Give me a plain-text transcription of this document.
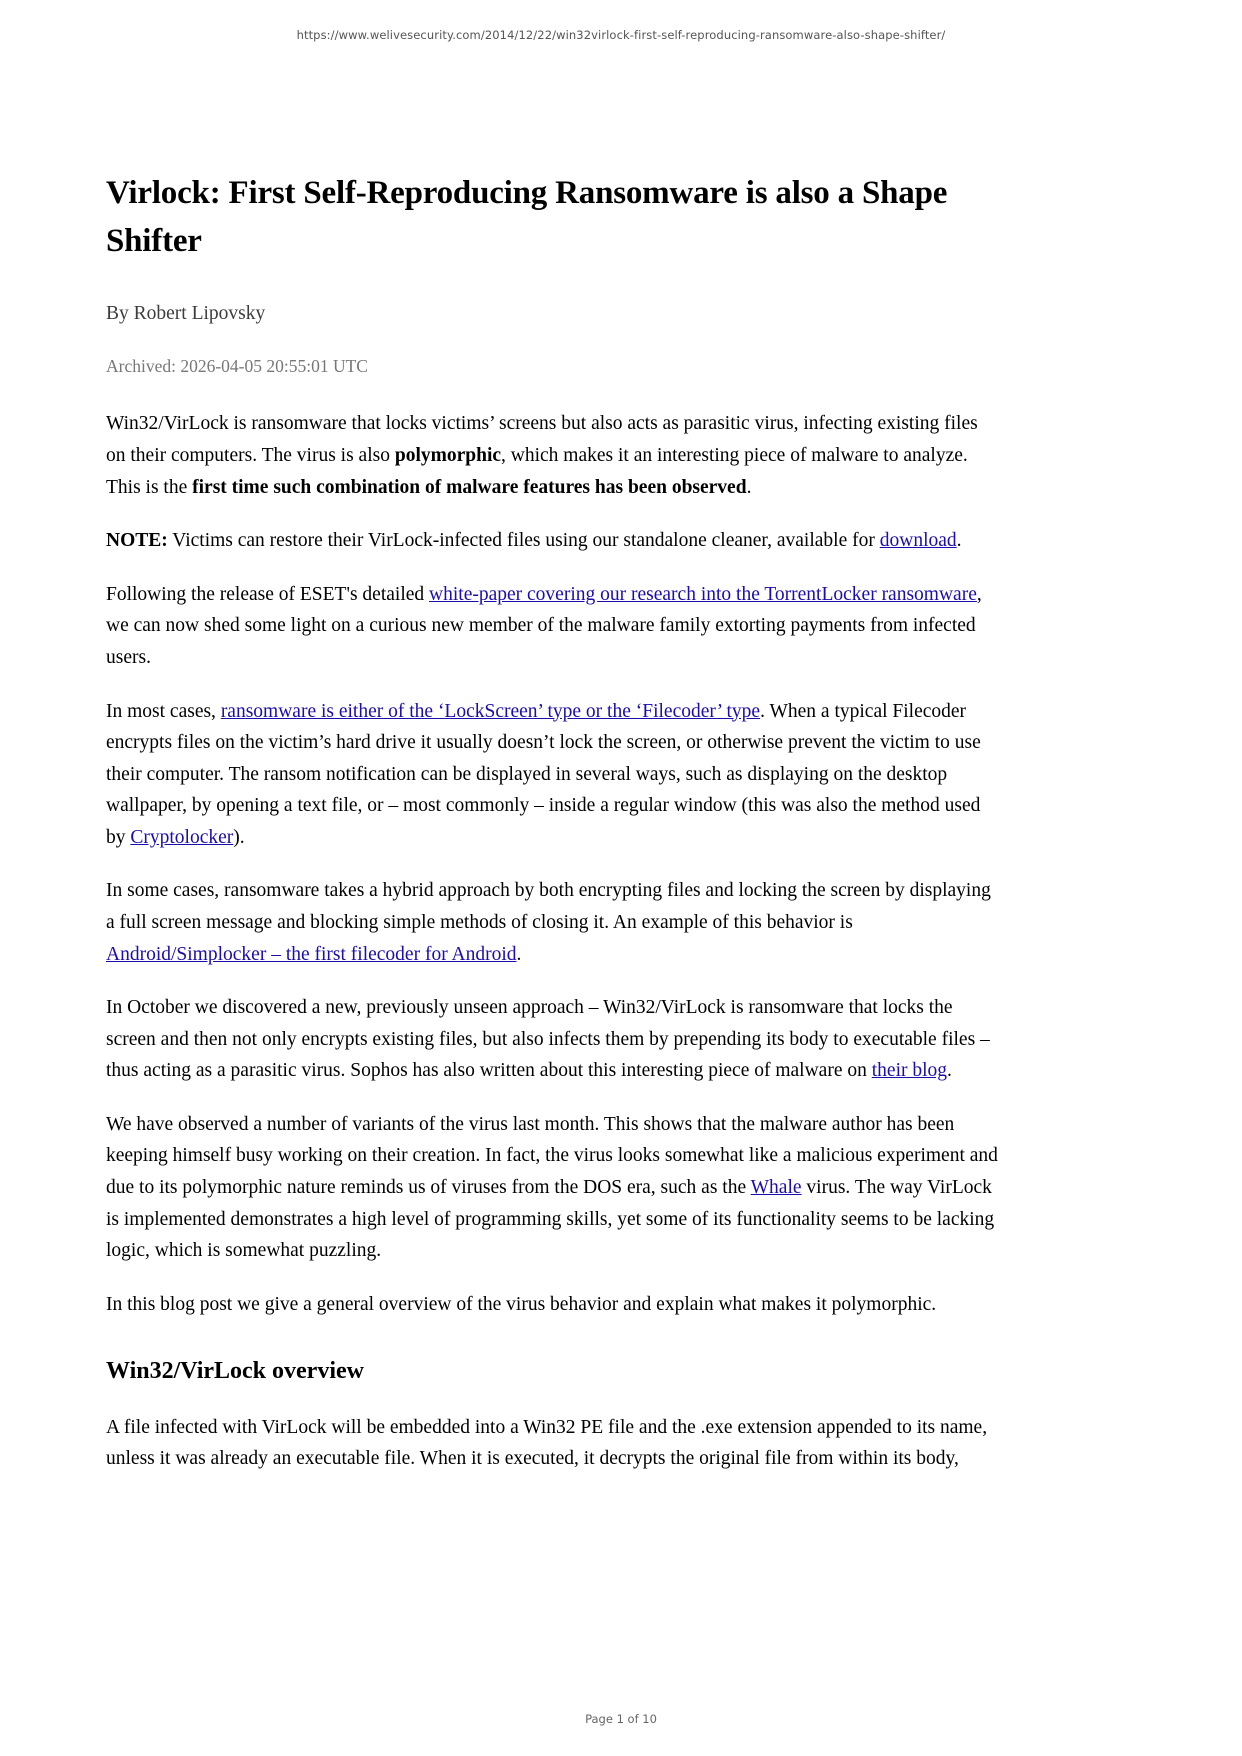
https://www.welivesecurity.com/2014/12/22/win32virlock-first-self-reproducing-ransomware-also-shape-shifter/
Virlock: First Self-Reproducing Ransomware is also a Shape Shifter
By Robert Lipovsky
Archived: 2026-04-05 20:55:01 UTC

Win32/VirLock is ransomware that locks victims’ screens but also acts as parasitic virus, infecting existing files on their computers. The virus is also polymorphic, which makes it an interesting piece of malware to analyze. This is the first time such combination of malware features has been observed.

NOTE: Victims can restore their VirLock-infected files using our standalone cleaner, available for download.

Following the release of ESET's detailed white-paper covering our research into the TorrentLocker ransomware, we can now shed some light on a curious new member of the malware family extorting payments from infected users.

In most cases, ransomware is either of the ‘LockScreen’ type or the ‘Filecoder’ type. When a typical Filecoder encrypts files on the victim’s hard drive it usually doesn’t lock the screen, or otherwise prevent the victim to use their computer. The ransom notification can be displayed in several ways, such as displaying on the desktop wallpaper, by opening a text file, or – most commonly – inside a regular window (this was also the method used by Cryptolocker).

In some cases, ransomware takes a hybrid approach by both encrypting files and locking the screen by displaying a full screen message and blocking simple methods of closing it. An example of this behavior is Android/Simplocker – the first filecoder for Android.

In October we discovered a new, previously unseen approach – Win32/VirLock is ransomware that locks the screen and then not only encrypts existing files, but also infects them by prepending its body to executable files – thus acting as a parasitic virus. Sophos has also written about this interesting piece of malware on their blog.

We have observed a number of variants of the virus last month. This shows that the malware author has been keeping himself busy working on their creation. In fact, the virus looks somewhat like a malicious experiment and due to its polymorphic nature reminds us of viruses from the DOS era, such as the Whale virus. The way VirLock is implemented demonstrates a high level of programming skills, yet some of its functionality seems to be lacking logic, which is somewhat puzzling.

In this blog post we give a general overview of the virus behavior and explain what makes it polymorphic.

Win32/VirLock overview

A file infected with VirLock will be embedded into a Win32 PE file and the .exe extension appended to its name, unless it was already an executable file. When it is executed, it decrypts the original file from within its body,

Page 1 of 10
